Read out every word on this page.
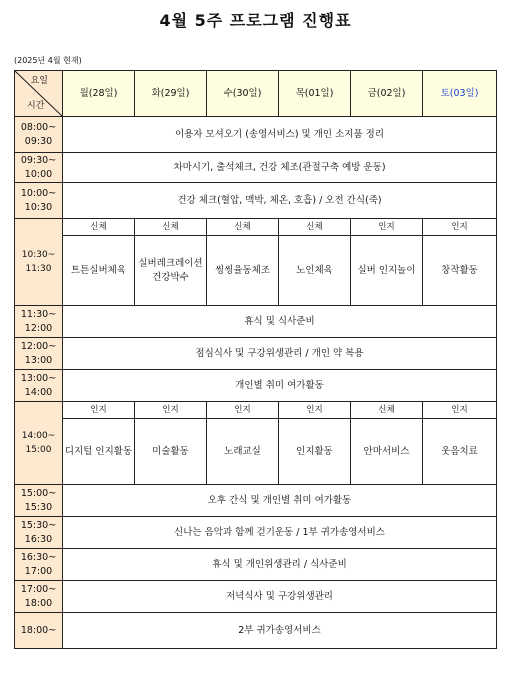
4월 5주 프로그램 진행표
(2025년 4월 현재)
요일
시간	월(28일)	화(29일)	수(30일)	목(01일)	금(02일)	토(03일)

08:00~
09:30	이용자 모셔오기 (송영서비스) 및 개인 소지품 정리					

09:30~
10:00	차마시기, 출석체크, 건강 체조(관절구축 예방 운동)					

10:00~
10:30	건강 체크(혈압, 맥박, 체온, 호흡) / 오전 간식(죽)					

10:30~
11:30	신체	신체	신체	신체	인지	인지
	트튼실버체육	실버레크레이션 건강박수	씽씽율동체조	노인체육	실버 인지놀이	창작활동

11:30~
12:00	휴식 및 식사준비					

12:00~
13:00	점심식사 및 구강위생관리 / 개인 약 복용					

13:00~
14:00	개인별 취미 여가활동					

14:00~
15:00	인지	인지	인지	인지	신체	인지
	디지털 인지활동	미술활동	노래교실	인지활동	안마서비스	웃음치료

15:00~
15:30	오후 간식 및 개인별 취미 여가활동					

15:30~
16:30	신나는 음악과 함께 걷기운동 / 1부 귀가송영서비스					

16:30~
17:00	휴식 및 개인위생관리 / 식사준비					

17:00~
18:00	저녁식사 및 구강위생관리					

18:00~	2부 귀가송영서비스					
